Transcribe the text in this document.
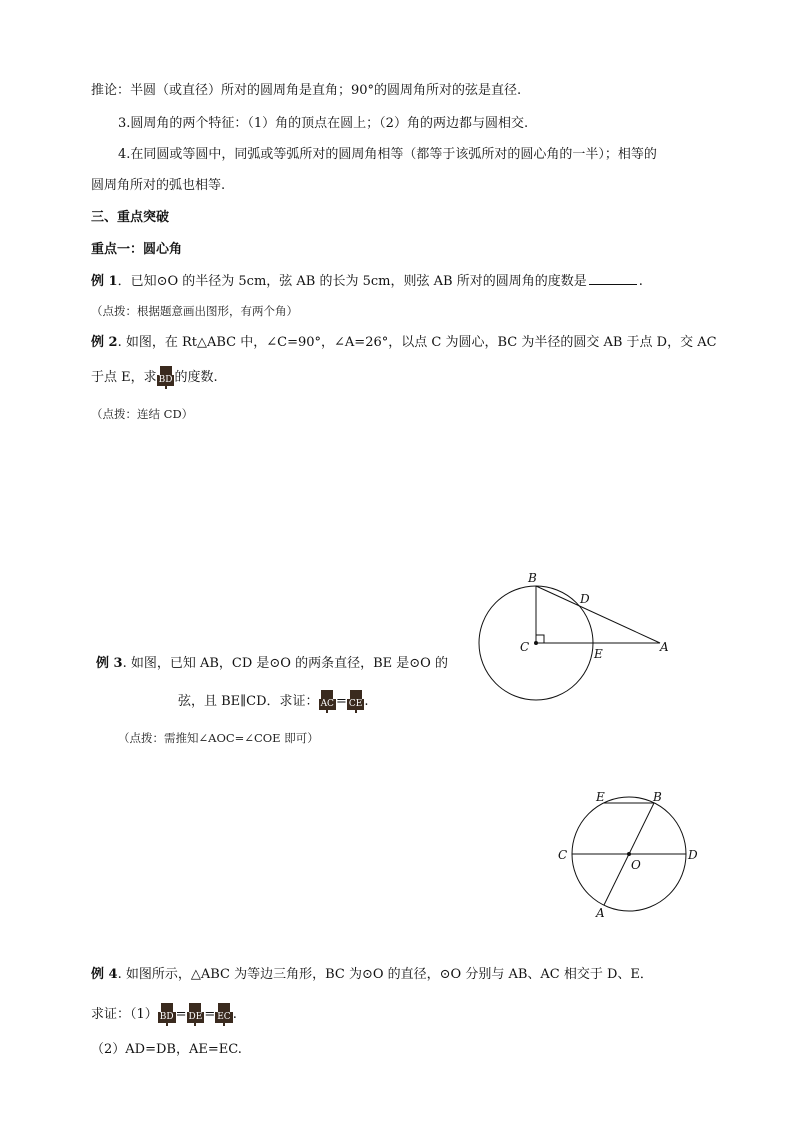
推论：半圆（或直径）所对的圆周角是直角；90°的圆周角所对的弦是直径.
3.圆周角的两个特征：（1）角的顶点在圆上；（2）角的两边都与圆相交.
4.在同圆或等圆中，同弧或等弧所对的圆周角相等（都等于该弧所对的圆心角的一半）；相等的
圆周角所对的弧也相等.
三、重点突破
重点一：圆心角
例 1．已知⊙O 的半径为 5cm，弦 AB 的长为 5cm，则弦 AB 所对的圆周角的度数是	.
（点拨：根据题意画出图形，有两个角）
例 2. 如图，在 Rt△ABC 中，∠C=90°，∠A=26°，以点 C 为圆心，BC 为半径的圆交 AB 于点 D，交 AC
于点 E，求 BD 的度数.
（点拨：连结 CD）
B
D
C	E	A
例 3. 如图，已知 AB，CD 是⊙O 的两条直径，BE 是⊙O 的
弦，且 BE∥CD．求证： AC = CE .
（点拨：需推知∠AOC=∠COE 即可）
E	B
C
O
D
A
例 4. 如图所示，△ABC 为等边三角形，BC 为⊙O 的直径，⊙O 分别与 AB、AC 相交于 D、E．
求证：（1） BD = DE = EC .
（2）AD=DB，AE=EC.
